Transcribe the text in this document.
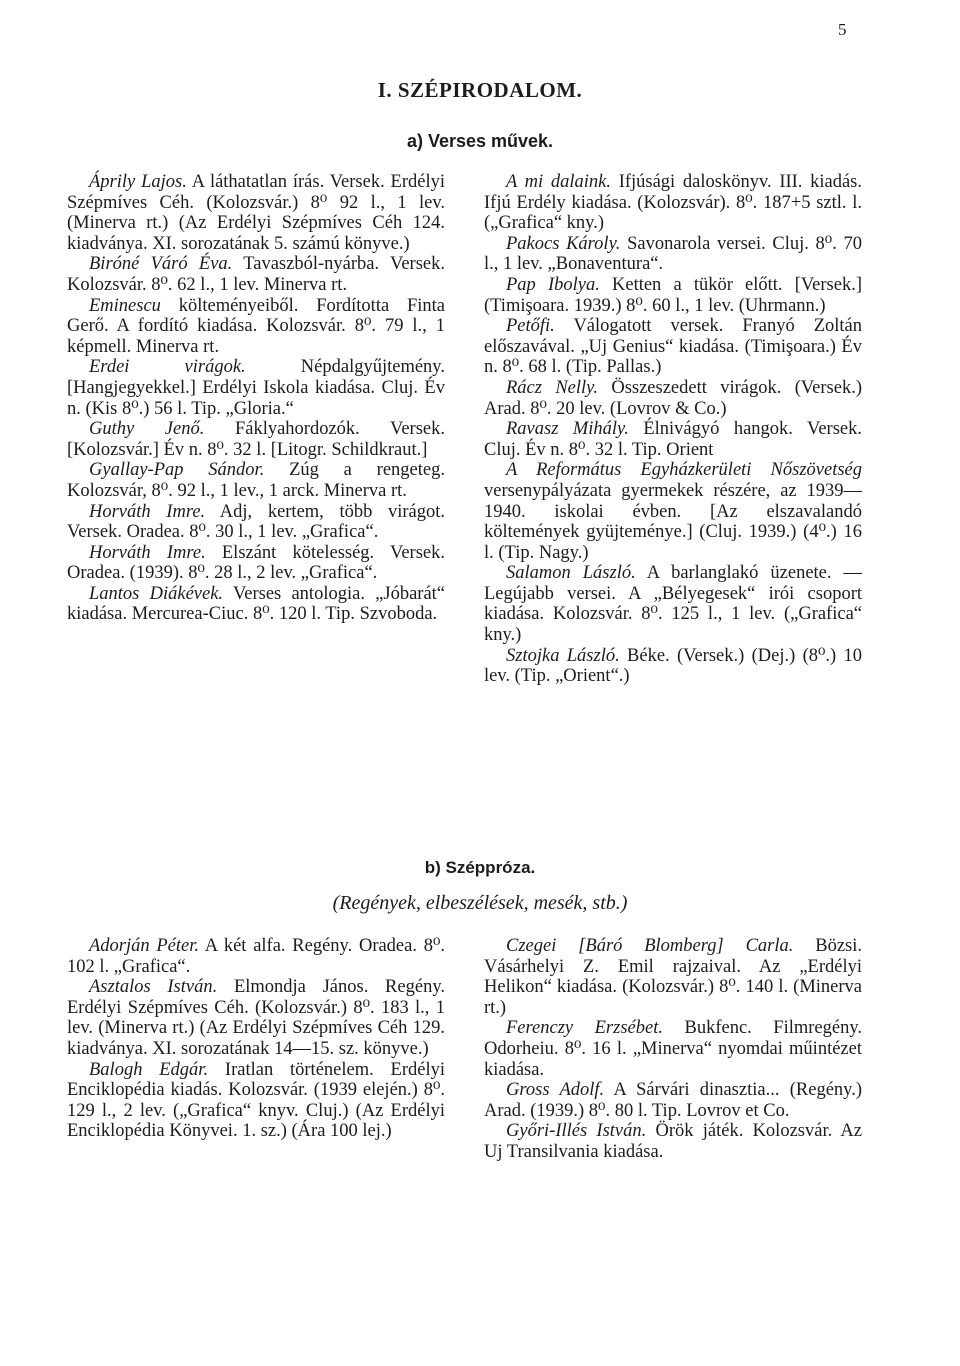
5
I. SZÉPIRODALOM.
a) Verses művek.

Áprily Lajos. A láthatatlan írás. Versek. Erdélyi Szépmíves Céh. (Kolozsvár.) 8⁰ 92 l., 1 lev. (Minerva rt.) (Az Erdélyi Szépmíves Céh 124. kiadványa. XI. sorozatának 5. számú könyve.)

Biróné Váró Éva. Tavaszból-nyárba. Versek. Kolozsvár. 8⁰. 62 l., 1 lev. Minerva rt.

Eminescu költeményeiből. Fordította Finta Gerő. A fordító kiadása. Kolozsvár. 8⁰. 79 l., 1 képmell. Minerva rt.

Erdei virágok.	Népdalgyűjtemény. [Hangjegyekkel.] Erdélyi Iskola kiadása. Cluj. Év n. (Kis 8⁰.) 56 l. Tip. „Gloria.“

Guthy Jenő. Fáklyahordozók. Versek. [Kolozsvár.] Év n. 8⁰. 32 l. [Litogr. Schildkraut.]

Gyallay-Pap Sándor. Zúg a rengeteg. Kolozsvár, 8⁰. 92 l., 1 lev., 1 arck. Minerva rt.

Horváth Imre. Adj, kertem, több virágot. Versek. Oradea. 8⁰. 30 l., 1 lev. „Grafica“.

Horváth Imre. Elszánt kötelesség. Versek. Oradea. (1939). 8⁰. 28 l., 2 lev. „Grafica“.

Lantos Diákévek. Verses antologia. „Jóbarát“ kiadása. Mercurea-Ciuc. 8⁰. 120 l. Tip. Szvoboda.

A mi dalaink. Ifjúsági daloskönyv. III. kiadás. Ifjú Erdély kiadása. (Kolozsvár). 8⁰. 187+5 sztl. l. („Grafica“ kny.)

Pakocs Károly. Savonarola versei. Cluj. 8⁰. 70 l., 1 lev. „Bonaventura“.

Pap Ibolya. Ketten a tükör előtt. [Versek.] (Timişoara. 1939.) 8⁰. 60 l., 1 lev. (Uhrmann.)

Petőfi. Válogatott versek. Franyó Zoltán előszavával. „Uj Genius“ kiadása. (Timişoara.) Év n. 8⁰. 68 l. (Tip. Pallas.)

Rácz Nelly. Összeszedett virágok. (Versek.) Arad. 8⁰. 20 lev. (Lovrov & Co.)

Ravasz Mihály. Élnivágyó hangok. Versek. Cluj. Év n. 8⁰. 32 l. Tip. Orient

A Református Egyházkerületi Nőszövetség versenypályázata gyermekek részére, az 1939—1940. iskolai évben. [Az elszavalandó költemények gyüjteménye.] (Cluj. 1939.) (4⁰.) 16 l. (Tip. Nagy.)

Salamon László. A barlanglakó üzenete. — Legújabb versei. A „Bélyegesek“ irói csoport kiadása. Kolozsvár. 8⁰. 125 l., 1 lev. („Grafica“ kny.)

Sztojka László. Béke. (Versek.) (Dej.) (8⁰.) 10 lev. (Tip. „Orient“.)

b) Széppróza.
(Regények, elbeszélések, mesék, stb.)

Adorján Péter. A két alfa. Regény. Oradea. 8⁰. 102 l. „Grafica“.

Asztalos István. Elmondja János. Regény. Erdélyi Szépmíves Céh. (Kolozsvár.) 8⁰. 183 l., 1 lev. (Minerva rt.) (Az Erdélyi Szépmíves Céh 129. kiadványa. XI. sorozatának 14—15. sz. könyve.)

Balogh Edgár. Iratlan történelem. Erdélyi Enciklopédia kiadás. Kolozsvár. (1939 elején.) 8⁰. 129 l., 2 lev. („Grafica“ knyv. Cluj.) (Az Erdélyi Enciklopédia Könyvei. 1. sz.) (Ára 100 lej.)

Czegei [Báró Blomberg] Carla. Bözsi. Vásárhelyi Z. Emil rajzaival. Az „Erdélyi Helikon“ kiadása. (Kolozsvár.) 8⁰. 140 l. (Minerva rt.)

Ferenczy Erzsébet. Bukfenc. Filmregény. Odorheiu. 8⁰. 16 l. „Minerva“ nyomdai műintézet kiadása.

Gross Adolf. A Sárvári dinasztia... (Regény.) Arad. (1939.) 8⁰. 80 l. Tip. Lovrov et Co.

Győri-Illés István. Örök játék. Kolozsvár. Az Uj Transilvania kiadása.
